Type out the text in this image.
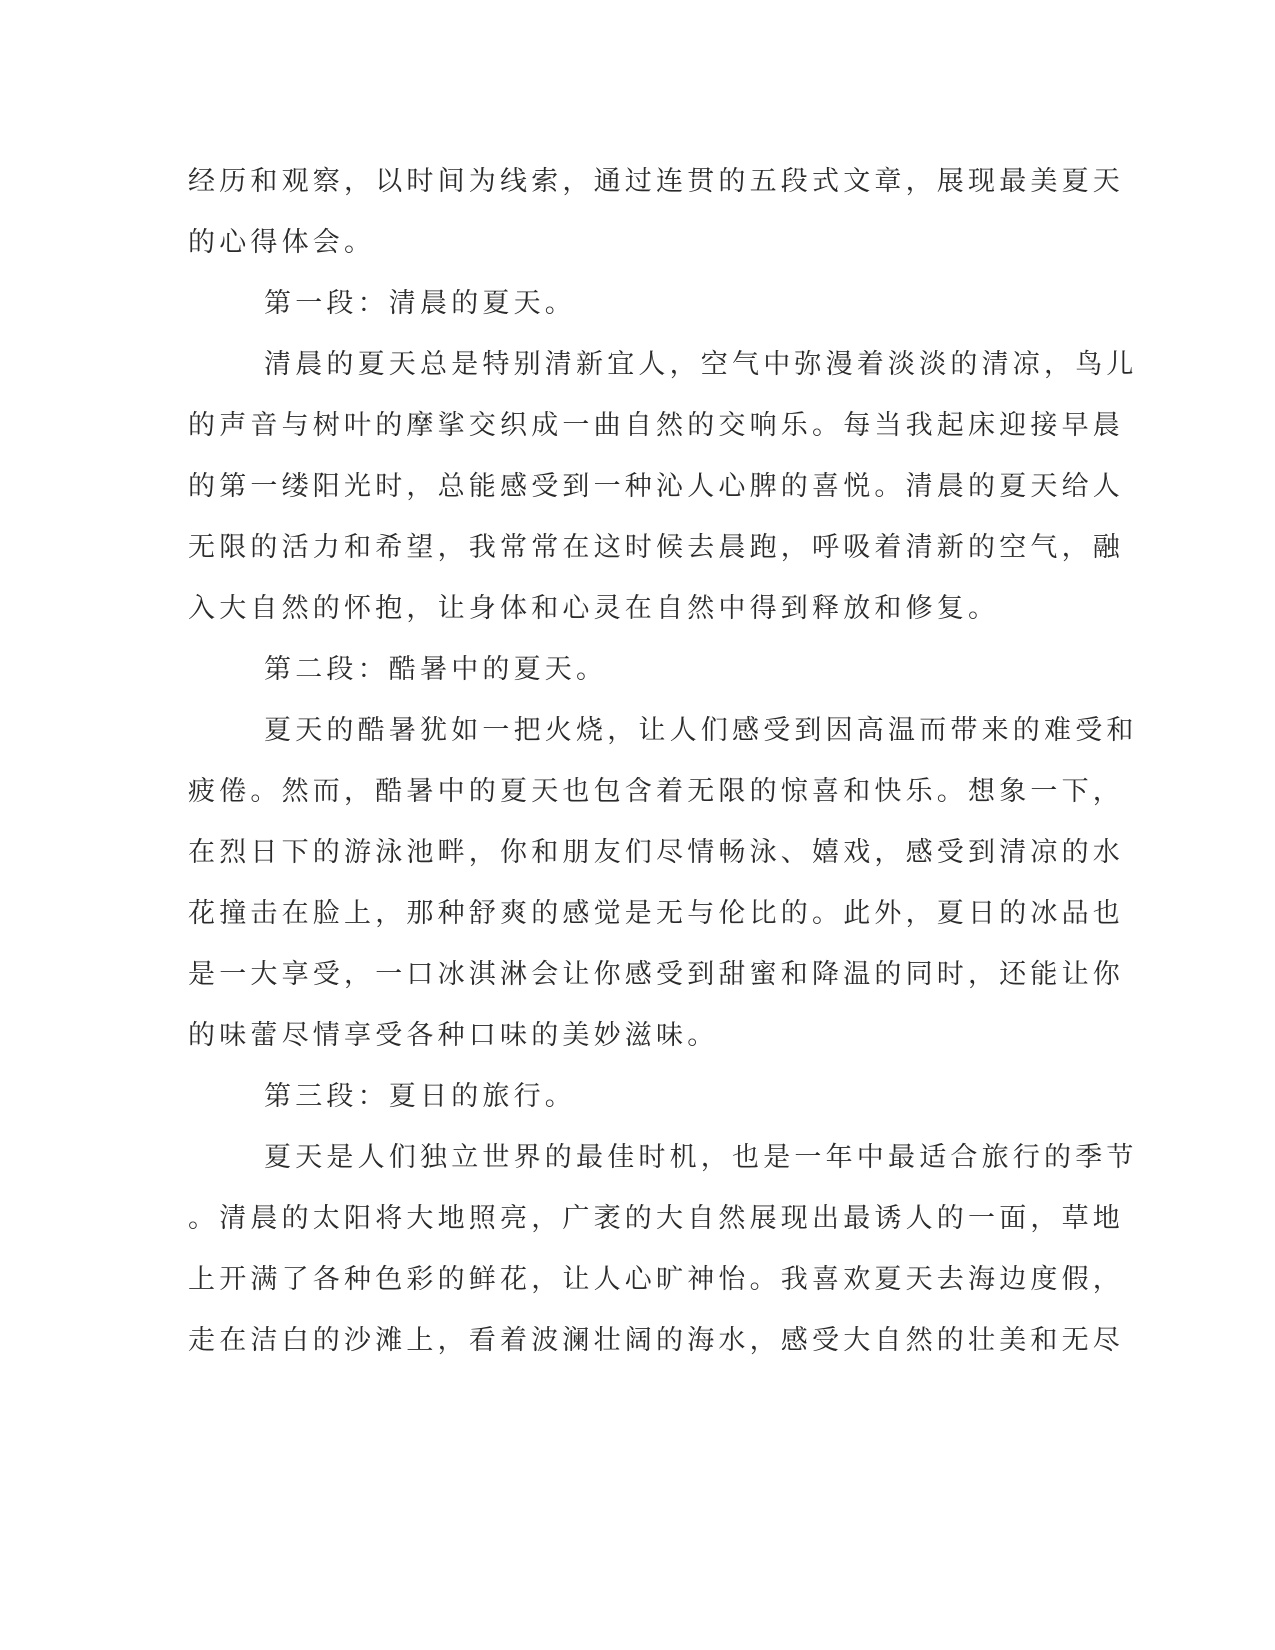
经历和观察，以时间为线索，通过连贯的五段式文章，展现最美夏天
的心得体会。
第一段：清晨的夏天。
清晨的夏天总是特别清新宜人，空气中弥漫着淡淡的清凉，鸟儿
的声音与树叶的摩挲交织成一曲自然的交响乐。每当我起床迎接早晨
的第一缕阳光时，总能感受到一种沁人心脾的喜悦。清晨的夏天给人
无限的活力和希望，我常常在这时候去晨跑，呼吸着清新的空气，融
入大自然的怀抱，让身体和心灵在自然中得到释放和修复。
第二段：酷暑中的夏天。
夏天的酷暑犹如一把火烧，让人们感受到因高温而带来的难受和
疲倦。然而，酷暑中的夏天也包含着无限的惊喜和快乐。想象一下，
在烈日下的游泳池畔，你和朋友们尽情畅泳、嬉戏，感受到清凉的水
花撞击在脸上，那种舒爽的感觉是无与伦比的。此外，夏日的冰品也
是一大享受，一口冰淇淋会让你感受到甜蜜和降温的同时，还能让你
的味蕾尽情享受各种口味的美妙滋味。
第三段：夏日的旅行。
夏天是人们独立世界的最佳时机，也是一年中最适合旅行的季节
。清晨的太阳将大地照亮，广袤的大自然展现出最诱人的一面，草地
上开满了各种色彩的鲜花，让人心旷神怡。我喜欢夏天去海边度假，
走在洁白的沙滩上，看着波澜壮阔的海水，感受大自然的壮美和无尽
